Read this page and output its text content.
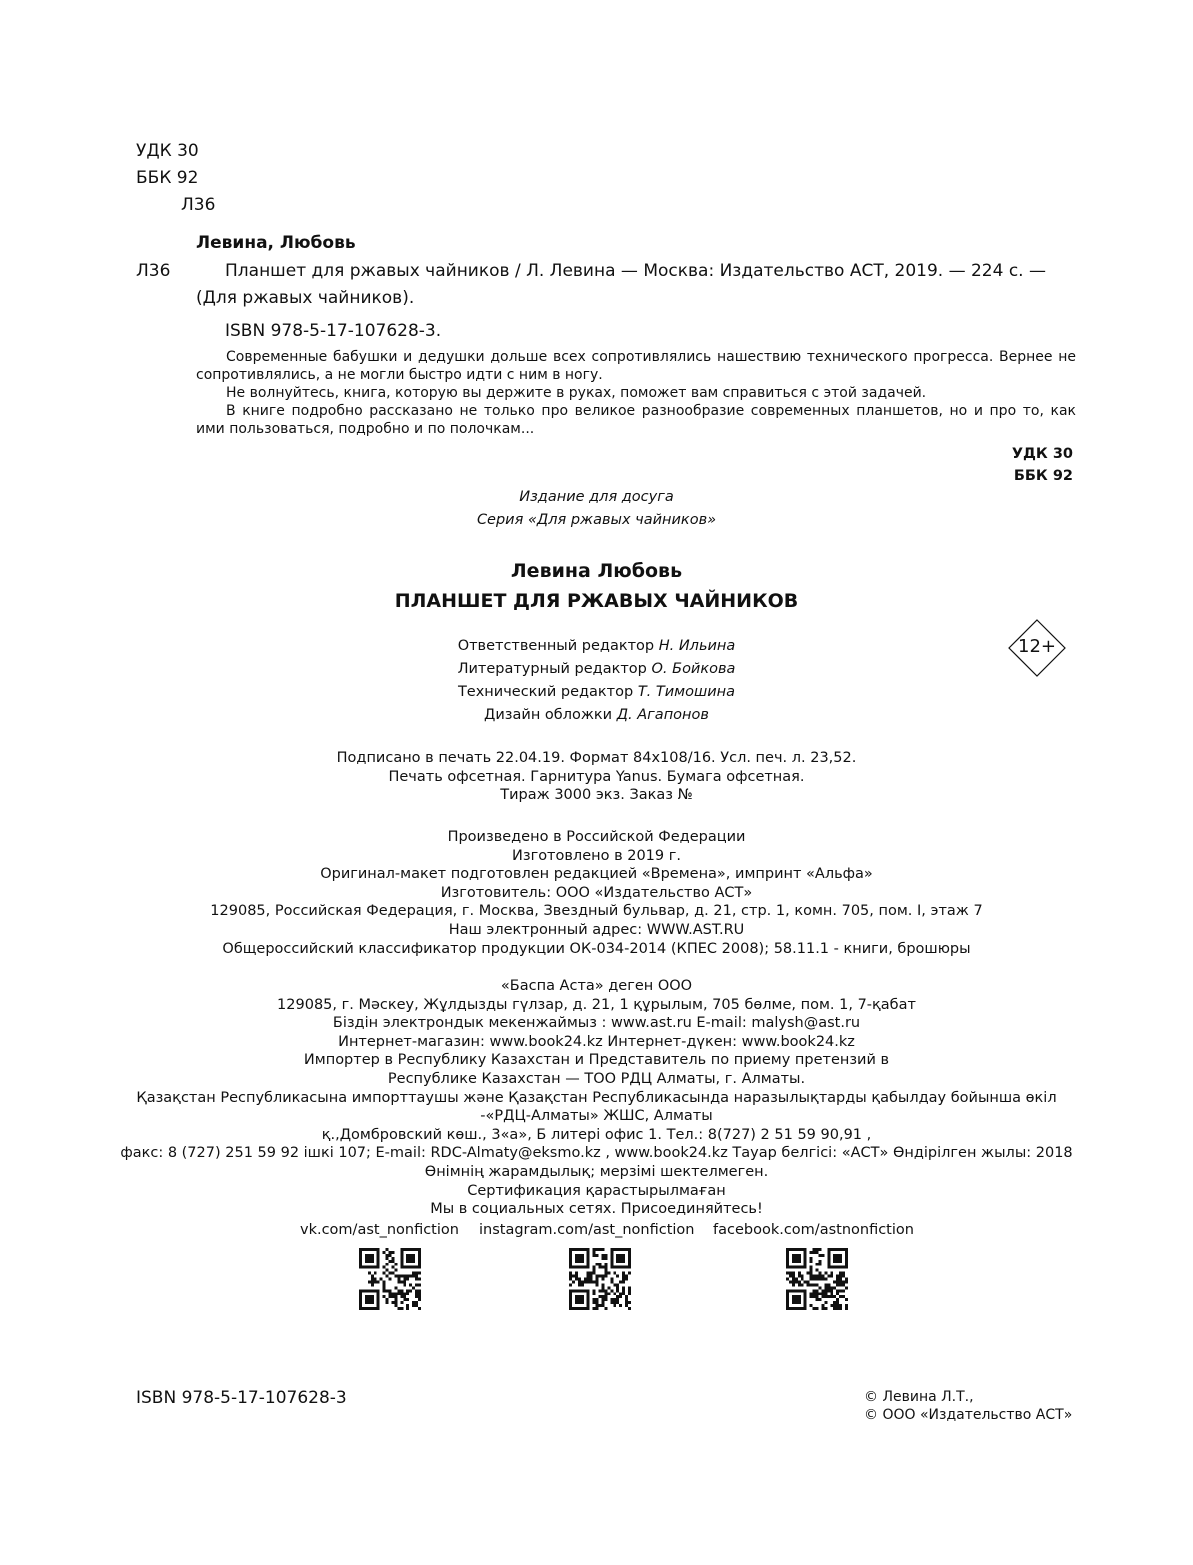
УДК 30
ББК 92
Л36
Левина, Любовь
Л36	Планшет для ржавых чайников / Л. Левина — Москва: Издательство АСТ, 2019. — 224 с. —
(Для ржавых чайников).
ISBN 978-5-17-107628-3.

Современные бабушки и дедушки дольше всех сопротивлялись нашествию технического прогресса. Вернее не сопротивлялись, а не могли быстро идти с ним в ногу.

Не волнуйтесь, книга, которую вы держите в руках, поможет вам справиться с этой задачей.

В книге подробно рассказано не только про великое разнообразие современных планшетов, но и про то, как ими пользоваться, подробно и по полочкам...

УДК 30
ББК 92
Издание для досуга
Серия «Для ржавых чайников»
Левина Любовь
ПЛАНШЕТ ДЛЯ РЖАВЫХ ЧАЙНИКОВ
12+
Ответственный редактор Н. Ильина
Литературный редактор О. Бойкова
Технический редактор Т. Тимошина
Дизайн обложки Д. Агапонов
Подписано в печать 22.04.19. Формат 84x108/16. Усл. печ. л. 23,52.
Печать офсетная. Гарнитура Yanus. Бумага офсетная.
Тираж 3000 экз. Заказ №
Произведено в Российской Федерации
Изготовлено в 2019 г.
Оригинал-макет подготовлен редакцией «Времена», импринт «Альфа»
Изготовитель: ООО «Издательство АСТ»
129085, Российская Федерация, г. Москва, Звездный бульвар, д. 21, стр. 1, комн. 705, пом. I, этаж 7
Наш электронный адрес: WWW.AST.RU
Общероссийский классификатор продукции ОК-034-2014 (КПЕС 2008); 58.11.1 - книги, брошюры
«Баспа Аста» деген ООО
129085, г. Мәскеу, Жұлдызды гүлзар, д. 21, 1 құрылым, 705 бөлме, пом. 1, 7-қабат
Біздін электрондык мекенжаймыз : www.ast.ru E-mail: malysh@ast.ru
Интернет-магазин: www.book24.kz Интернет-дүкен: www.book24.kz
Импортер в Республику Казахстан и Представитель по приему претензий в
Республике Казахстан — ТОО РДЦ Алматы, г. Алматы.
Қазақстан Республикасына импорттаушы және Қазақстан Республикасында наразылықтарды қабылдау бойынша өкіл
-«РДЦ-Алматы» ЖШС, Алматы
қ.,Домбровский көш., 3«а», Б литері офис 1. Тел.: 8(727) 2 51 59 90,91 ,
факс: 8 (727) 251 59 92 ішкі 107; E-mail: RDC-Almaty@eksmo.kz , www.book24.kz Тауар белгісі: «АСТ» Өндірілген жылы: 2018
Өнімнің жарамдылық; мерзімі шектелмеген.
Сертификация қарастырылмаған
Мы в социальных сетях. Присоединяйтесь!
vk.com/ast_nonfiction instagram.com/ast_nonfiction facebook.com/astnonfiction
ISBN 978-5-17-107628-3	© Левина Л.Т.,
© ООО «Издательство АСТ»
